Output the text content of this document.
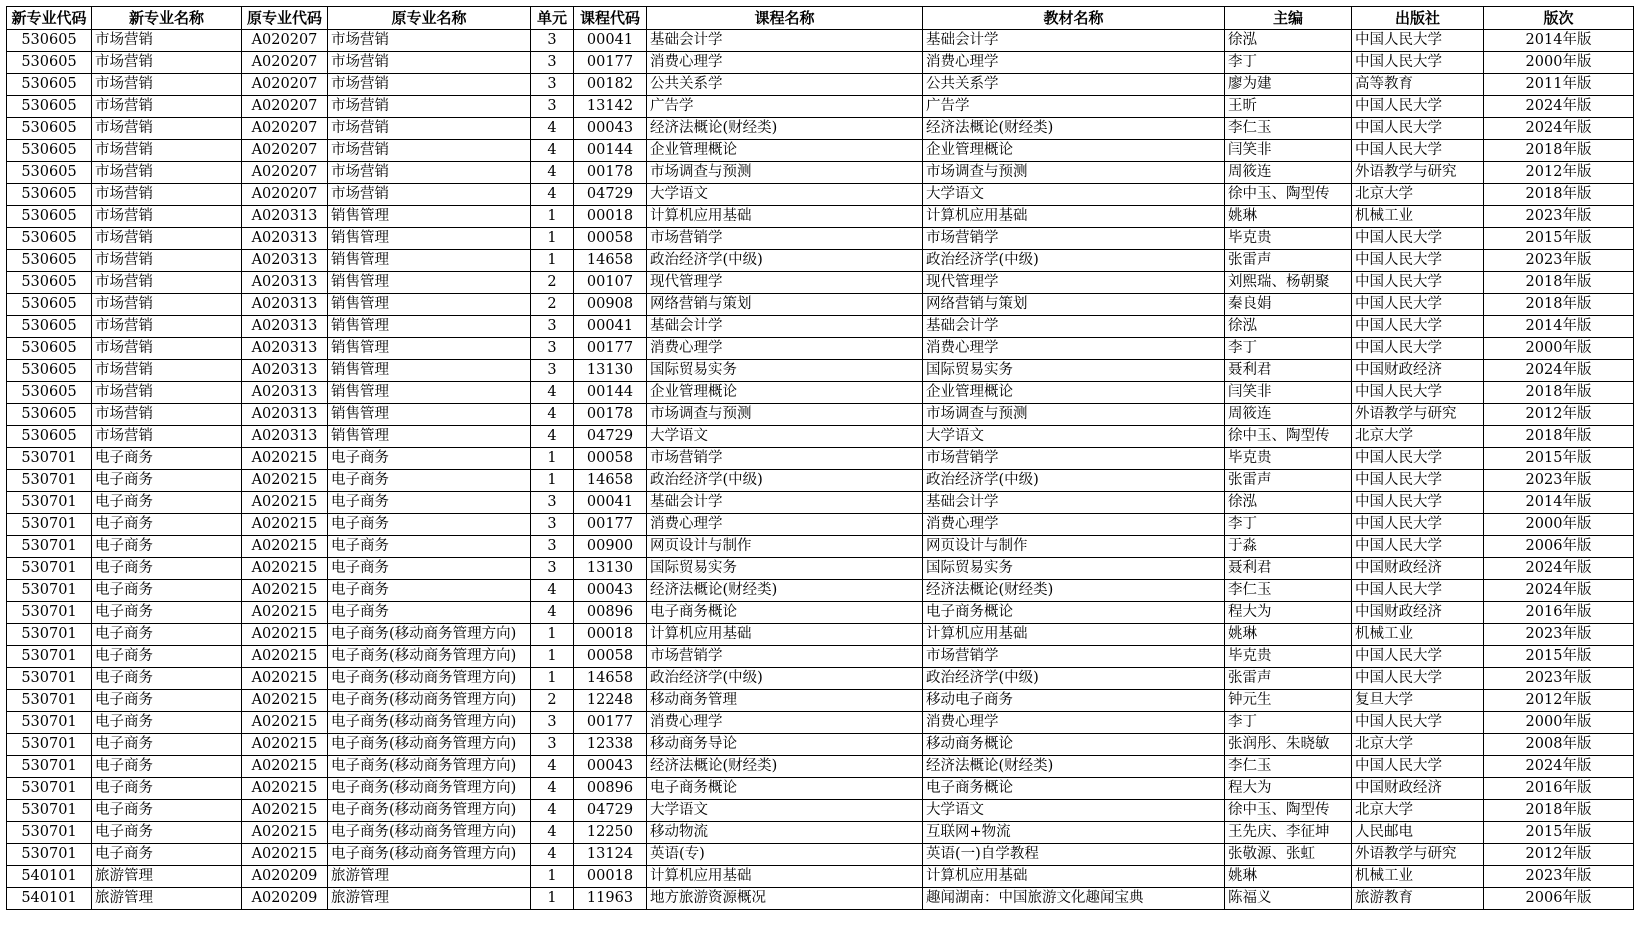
新专业代码	新专业名称	原专业代码	原专业名称	单元	课程代码	课程名称	教材名称	主编	出版社	版次
530605	市场营销	A020207	市场营销	3	00041	基础会计学	基础会计学	徐泓	中国人民大学	2014年版
530605	市场营销	A020207	市场营销	3	00177	消费心理学	消费心理学	李丁	中国人民大学	2000年版
530605	市场营销	A020207	市场营销	3	00182	公共关系学	公共关系学	廖为建	高等教育	2011年版
530605	市场营销	A020207	市场营销	3	13142	广告学	广告学	王昕	中国人民大学	2024年版
530605	市场营销	A020207	市场营销	4	00043	经济法概论(财经类)	经济法概论(财经类)	李仁玉	中国人民大学	2024年版
530605	市场营销	A020207	市场营销	4	00144	企业管理概论	企业管理概论	闫笑非	中国人民大学	2018年版
530605	市场营销	A020207	市场营销	4	00178	市场调查与预测	市场调查与预测	周筱连	外语教学与研究	2012年版
530605	市场营销	A020207	市场营销	4	04729	大学语文	大学语文	徐中玉、陶型传	北京大学	2018年版
530605	市场营销	A020313	销售管理	1	00018	计算机应用基础	计算机应用基础	姚琳	机械工业	2023年版
530605	市场营销	A020313	销售管理	1	00058	市场营销学	市场营销学	毕克贵	中国人民大学	2015年版
530605	市场营销	A020313	销售管理	1	14658	政治经济学(中级)	政治经济学(中级)	张雷声	中国人民大学	2023年版
530605	市场营销	A020313	销售管理	2	00107	现代管理学	现代管理学	刘熙瑞、杨朝聚	中国人民大学	2018年版
530605	市场营销	A020313	销售管理	2	00908	网络营销与策划	网络营销与策划	秦良娟	中国人民大学	2018年版
530605	市场营销	A020313	销售管理	3	00041	基础会计学	基础会计学	徐泓	中国人民大学	2014年版
530605	市场营销	A020313	销售管理	3	00177	消费心理学	消费心理学	李丁	中国人民大学	2000年版
530605	市场营销	A020313	销售管理	3	13130	国际贸易实务	国际贸易实务	聂利君	中国财政经济	2024年版
530605	市场营销	A020313	销售管理	4	00144	企业管理概论	企业管理概论	闫笑非	中国人民大学	2018年版
530605	市场营销	A020313	销售管理	4	00178	市场调查与预测	市场调查与预测	周筱连	外语教学与研究	2012年版
530605	市场营销	A020313	销售管理	4	04729	大学语文	大学语文	徐中玉、陶型传	北京大学	2018年版
530701	电子商务	A020215	电子商务	1	00058	市场营销学	市场营销学	毕克贵	中国人民大学	2015年版
530701	电子商务	A020215	电子商务	1	14658	政治经济学(中级)	政治经济学(中级)	张雷声	中国人民大学	2023年版
530701	电子商务	A020215	电子商务	3	00041	基础会计学	基础会计学	徐泓	中国人民大学	2014年版
530701	电子商务	A020215	电子商务	3	00177	消费心理学	消费心理学	李丁	中国人民大学	2000年版
530701	电子商务	A020215	电子商务	3	00900	网页设计与制作	网页设计与制作	于淼	中国人民大学	2006年版
530701	电子商务	A020215	电子商务	3	13130	国际贸易实务	国际贸易实务	聂利君	中国财政经济	2024年版
530701	电子商务	A020215	电子商务	4	00043	经济法概论(财经类)	经济法概论(财经类)	李仁玉	中国人民大学	2024年版
530701	电子商务	A020215	电子商务	4	00896	电子商务概论	电子商务概论	程大为	中国财政经济	2016年版
530701	电子商务	A020215	电子商务(移动商务管理方向)	1	00018	计算机应用基础	计算机应用基础	姚琳	机械工业	2023年版
530701	电子商务	A020215	电子商务(移动商务管理方向)	1	00058	市场营销学	市场营销学	毕克贵	中国人民大学	2015年版
530701	电子商务	A020215	电子商务(移动商务管理方向)	1	14658	政治经济学(中级)	政治经济学(中级)	张雷声	中国人民大学	2023年版
530701	电子商务	A020215	电子商务(移动商务管理方向)	2	12248	移动商务管理	移动电子商务	钟元生	复旦大学	2012年版
530701	电子商务	A020215	电子商务(移动商务管理方向)	3	00177	消费心理学	消费心理学	李丁	中国人民大学	2000年版
530701	电子商务	A020215	电子商务(移动商务管理方向)	3	12338	移动商务导论	移动商务概论	张润彤、朱晓敏	北京大学	2008年版
530701	电子商务	A020215	电子商务(移动商务管理方向)	4	00043	经济法概论(财经类)	经济法概论(财经类)	李仁玉	中国人民大学	2024年版
530701	电子商务	A020215	电子商务(移动商务管理方向)	4	00896	电子商务概论	电子商务概论	程大为	中国财政经济	2016年版
530701	电子商务	A020215	电子商务(移动商务管理方向)	4	04729	大学语文	大学语文	徐中玉、陶型传	北京大学	2018年版
530701	电子商务	A020215	电子商务(移动商务管理方向)	4	12250	移动物流	互联网+物流	王先庆、李征坤	人民邮电	2015年版
530701	电子商务	A020215	电子商务(移动商务管理方向)	4	13124	英语(专)	英语(一)自学教程	张敬源、张虹	外语教学与研究	2012年版
540101	旅游管理	A020209	旅游管理	1	00018	计算机应用基础	计算机应用基础	姚琳	机械工业	2023年版
540101	旅游管理	A020209	旅游管理	1	11963	地方旅游资源概况	趣闻湖南：中国旅游文化趣闻宝典	陈福义	旅游教育	2006年版
